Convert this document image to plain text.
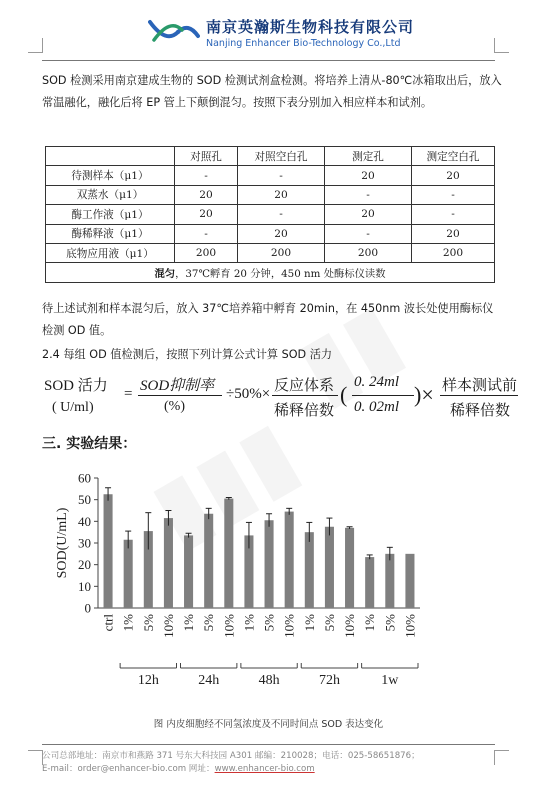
南京英瀚斯生物科技有限公司
Nanjing Enhancer Bio-Technology Co.,Ltd
SOD 检测采用南京建成生物的 SOD 检测试剂盒检测。将培养上清从-80℃冰箱取出后，放入常温融化，融化后将 EP 管上下颠倒混匀。按照下表分别加入相应样本和试剂。
	对照孔	对照空白孔	测定孔	测定空白孔
待测样本（μ1）	-	-	20	20
双蒸水（μ1）	20	20	-	-
酶工作液（μ1）	20	-	20	-
酶稀释液（μ1）	-	20	-	20
底物应用液（μ1）	200	200	200	200
混匀，37℃孵育 20 分钟，450 nm 处酶标仪读数				
待上述试剂和样本混匀后，放入 37℃培养箱中孵育 20min，在 450nm 波长处使用酶标仪检测 OD 值。
2.4 每组 OD 值检测后，按照下列计算公式计算 SOD 活力
SOD 活力
( U/ml)
= SOD抑制率
(%)
÷50%× 反应体系
稀释倍数
( 0. 24ml
0. 02ml )× 样本测试前
稀释倍数
三. 实验结果：
0
10
20
30
40
50
60
SOD(U/mL)
ctrl 1% 5% 10% 1% 5% 10% 1% 5% 10% 1% 5% 10% 1% 5% 10%
12h	24h	48h	72h	1w
图 内皮细胞经不同氢浓度及不同时间点 SOD 表达变化
公司总部地址：南京市和燕路 371 号东大科技园 A301 邮编：210028；电话：025-58651876；
E-mail：order@enhancer-bio.com 网址：www.enhancer-bio.com
